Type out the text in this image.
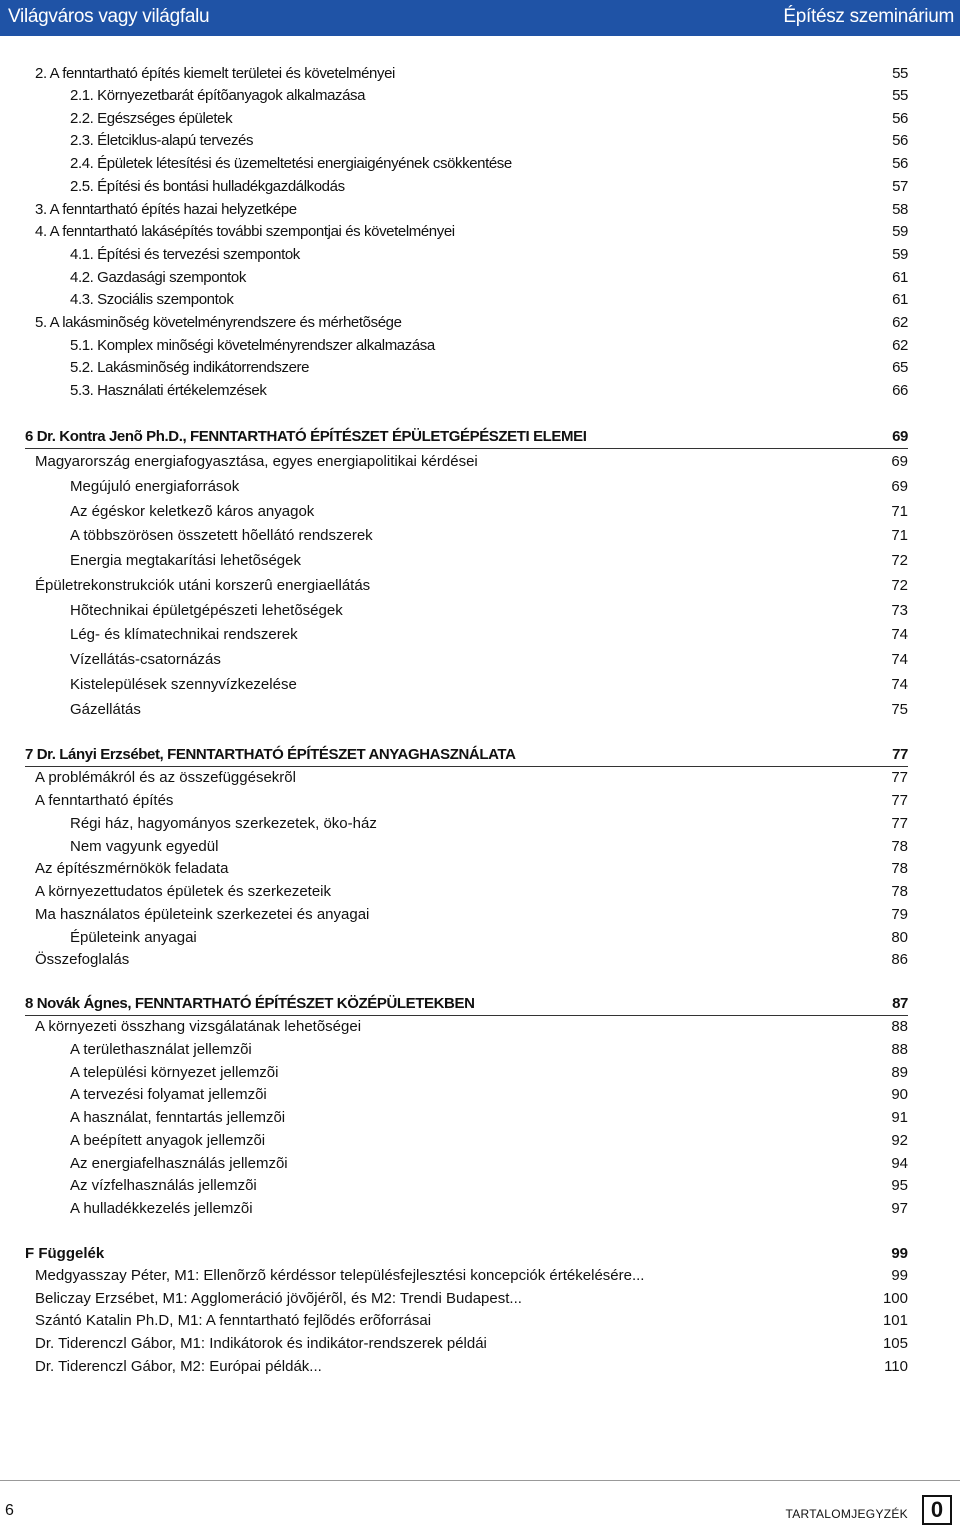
Világváros vagy világfalu	Építész szeminárium
2. A fenntartható építés kiemelt területei és követelményei	55
2.1. Környezetbarát építõanyagok alkalmazása	55
2.2. Egészséges épületek	56
2.3. Életciklus-alapú tervezés	56
2.4. Épületek létesítési és üzemeltetési energiaigényének csökkentése	56
2.5. Építési és bontási hulladékgazdálkodás	57
3. A fenntartható építés hazai helyzetképe	58
4. A fenntartható lakásépítés további szempontjai és követelményei	59
4.1. Építési és tervezési szempontok	59
4.2. Gazdasági szempontok	61
4.3. Szociális szempontok	61
5. A lakásminõség követelményrendszere és mérhetõsége	62
5.1. Komplex minõségi követelményrendszer alkalmazása	62
5.2. Lakásminõség indikátorrendszere	65
5.3. Használati értékelemzések	66
6 Dr. Kontra Jenõ Ph.D., FENNTARTHATÓ ÉPÍTÉSZET ÉPÜLETGÉPÉSZETI ELEMEI	69
Magyarország energiafogyasztása, egyes energiapolitikai kérdései	69
Megújuló energiaforrások	69
Az égéskor keletkezõ káros anyagok	71
A többszörösen összetett hõellátó rendszerek	71
Energia megtakarítási lehetõségek	72
Épületrekonstrukciók utáni korszerû energiaellátás	72
Hõtechnikai épületgépészeti lehetõségek	73
Lég- és klímatechnikai rendszerek	74
Vízellátás-csatornázás	74
Kistelepülések szennyvízkezelése	74
Gázellátás	75
7 Dr. Lányi Erzsébet, FENNTARTHATÓ ÉPÍTÉSZET ANYAGHASZNÁLATA	77
A problémákról és az összefüggésekrõl	77
A fenntartható építés	77
Régi ház, hagyományos szerkezetek, öko-ház	77
Nem vagyunk egyedül	78
Az építészmérnökök feladata	78
A környezettudatos épületek és szerkezeteik	78
Ma használatos épületeink szerkezetei és anyagai	79
Épületeink anyagai	80
Összefoglalás	86
8 Novák Ágnes, FENNTARTHATÓ ÉPÍTÉSZET KÖZÉPÜLETEKBEN	87
A környezeti összhang vizsgálatának lehetõségei	88
A területhasználat jellemzõi	88
A települési környezet jellemzõi	89
A tervezési folyamat jellemzõi	90
A használat, fenntartás jellemzõi	91
A beépített anyagok jellemzõi	92
Az energiafelhasználás jellemzõi	94
Az vízfelhasználás jellemzõi	95
A hulladékkezelés jellemzõi	97
F Függelék	99
Medgyasszay Péter, M1: Ellenõrzõ kérdéssor településfejlesztési koncepciók értékelésére...	99
Beliczay Erzsébet, M1: Agglomeráció jövõjérõl, és M2: Trendi Budapest...	100
Szántó Katalin Ph.D, M1: A fenntartható fejlõdés erõforrásai	101
Dr. Tiderenczl Gábor, M1: Indikátorok és indikátor-rendszerek példái	105
Dr. Tiderenczl Gábor, M2: Európai példák...	110
6	TARTALOMJEGYZÉK	0
